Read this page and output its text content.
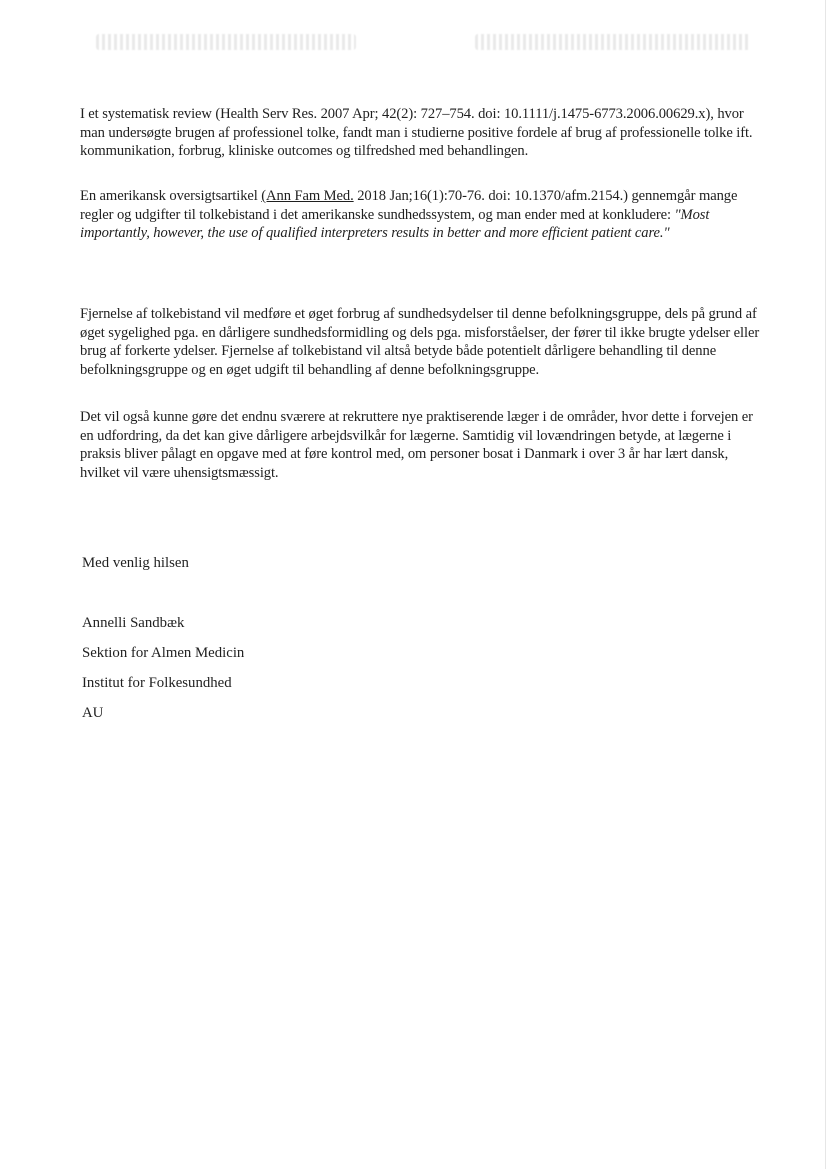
I et systematisk review (Health Serv Res. 2007 Apr; 42(2): 727–754. doi: 10.1111/j.1475-6773.2006.00629.x), hvor man undersøgte brugen af professionel tolke, fandt man i studierne positive fordele af brug af professionelle tolke ift. kommunikation, forbrug, kliniske outcomes og tilfredshed med behandlingen.

En amerikansk oversigtsartikel (Ann Fam Med. 2018 Jan;16(1):70-76. doi: 10.1370/afm.2154.) gennemgår mange regler og udgifter til tolkebistand i det amerikanske sundhedssystem, og man ender med at konkludere: "Most importantly, however, the use of qualified interpreters results in better and more efficient patient care."

Fjernelse af tolkebistand vil medføre et øget forbrug af sundhedsydelser til denne befolkningsgruppe, dels på grund af øget sygelighed pga. en dårligere sundhedsformidling og dels pga. misforståelser, der fører til ikke brugte ydelser eller brug af forkerte ydelser. Fjernelse af tolkebistand vil altså betyde både potentielt dårligere behandling til denne befolkningsgruppe og en øget udgift til behandling af denne befolkningsgruppe.

Det vil også kunne gøre det endnu sværere at rekruttere nye praktiserende læger i de områder, hvor dette i forvejen er en udfordring, da det kan give dårligere arbejdsvilkår for lægerne. Samtidig vil lovændringen betyde, at lægerne i praksis bliver pålagt en opgave med at føre kontrol med, om personer bosat i Danmark i over 3 år har lært dansk, hvilket vil være uhensigtsmæssigt.

Med venlig hilsen
Annelli Sandbæk
Sektion for Almen Medicin
Institut for Folkesundhed
AU
